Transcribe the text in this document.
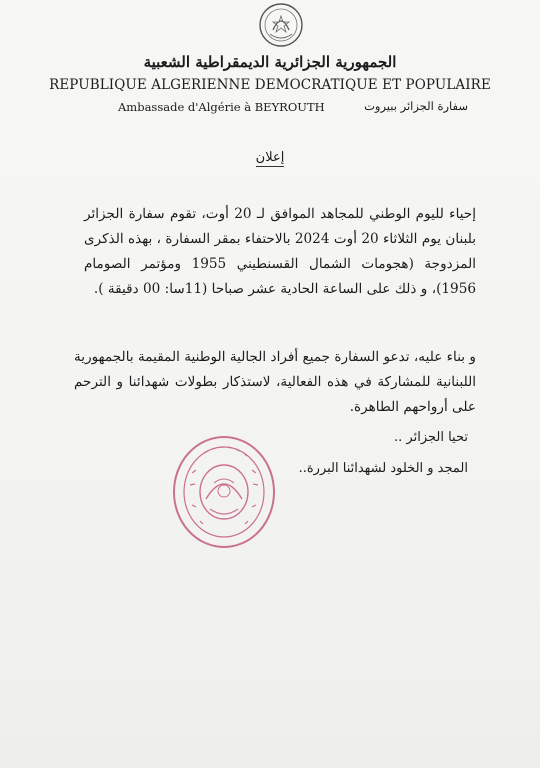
الجمهورية الجزائرية الديمقراطية الشعبية
REPUBLIQUE ALGERIENNE DEMOCRATIQUE ET POPULAIRE
Ambassade d'Algérie à BEYROUTH	سفارة الجزائر ببيروت
إعلان
إحياء لليوم الوطني للمجاهد الموافق لـ 20 أوت، تقوم سفارة الجزائر بلبنان يوم الثلاثاء 20 أوت 2024 بالاحتفاء بمقر السفارة ، بهذه الذكرى المزدوجة (هجومات الشمال القسنطيني 1955 ومؤتمر الصومام 1956)، و ذلك على الساعة الحادية عشر صباحا (11سا: 00 دقيقة ).
و بناء عليه، تدعو السفارة جميع أفراد الجالية الوطنية المقيمة بالجمهورية اللبنانية للمشاركة في هذه الفعالية، لاستذكار بطولات شهدائنا و الترحم على أرواحهم الطاهرة.
تحيا الجزائر ..
المجد و الخلود لشهدائنا البررة..
